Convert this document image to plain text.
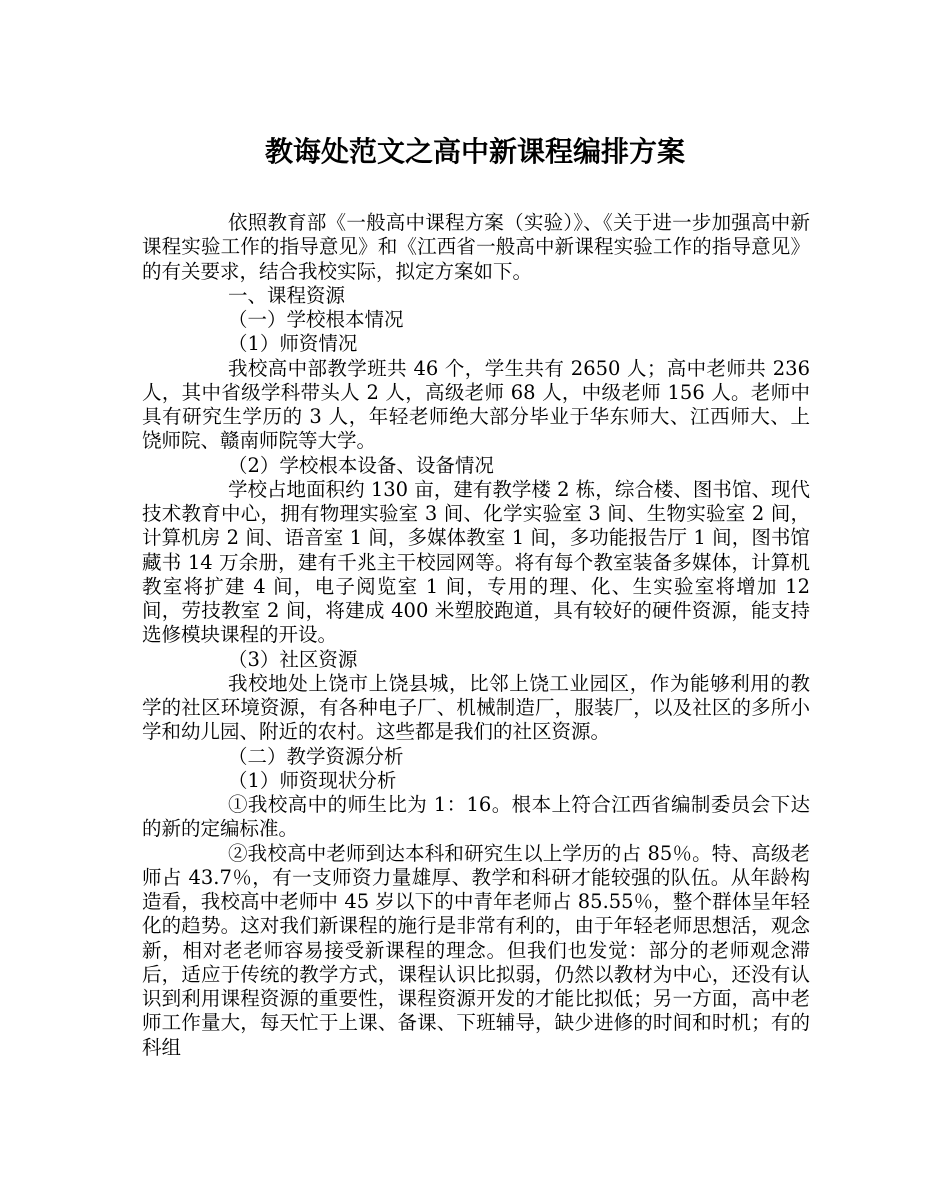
教诲处范文之高中新课程编排方案

依照教育部《一般高中课程方案（实验）》、《关于进一步加强高中新课程实验工作的指导意见》和《江西省一般高中新课程实验工作的指导意见》的有关要求，结合我校实际，拟定方案如下。

一、课程资源

（一）学校根本情况

（1）师资情况

我校高中部教学班共 46 个，学生共有 2650 人；高中老师共 236 人，其中省级学科带头人 2 人，高级老师 68 人，中级老师 156 人。老师中具有研究生学历的 3 人，年轻老师绝大部分毕业于华东师大、江西师大、上饶师院、赣南师院等大学。

（2）学校根本设备、设备情况

学校占地面积约 130 亩，建有教学楼 2 栋，综合楼、图书馆、现代技术教育中心，拥有物理实验室 3 间、化学实验室 3 间、生物实验室 2 间，计算机房 2 间、语音室 1 间，多媒体教室 1 间，多功能报告厅 1 间，图书馆藏书 14 万余册，建有千兆主干校园网等。将有每个教室装备多媒体，计算机教室将扩建 4 间，电子阅览室 1 间，专用的理、化、生实验室将增加 12 间，劳技教室 2 间，将建成 400 米塑胶跑道，具有较好的硬件资源，能支持选修模块课程的开设。

（3）社区资源

我校地处上饶市上饶县城，比邻上饶工业园区，作为能够利用的教学的社区环境资源，有各种电子厂、机械制造厂，服装厂，以及社区的多所小学和幼儿园、附近的农村。这些都是我们的社区资源。

（二）教学资源分析

（1）师资现状分析

①我校高中的师生比为 1：16。根本上符合江西省编制委员会下达的新的定编标准。

②我校高中老师到达本科和研究生以上学历的占 85％。特、高级老师占 43.7％，有一支师资力量雄厚、教学和科研才能较强的队伍。从年龄构造看，我校高中老师中 45 岁以下的中青年老师占 85.55％，整个群体呈年轻化的趋势。这对我们新课程的施行是非常有利的，由于年轻老师思想活，观念新，相对老老师容易接受新课程的理念。但我们也发觉：部分的老师观念滞后，适应于传统的教学方式，课程认识比拟弱，仍然以教材为中心，还没有认识到利用课程资源的重要性，课程资源开发的才能比拟低；另一方面，高中老师工作量大，每天忙于上课、备课、下班辅导，缺少进修的时间和时机；有的科组
